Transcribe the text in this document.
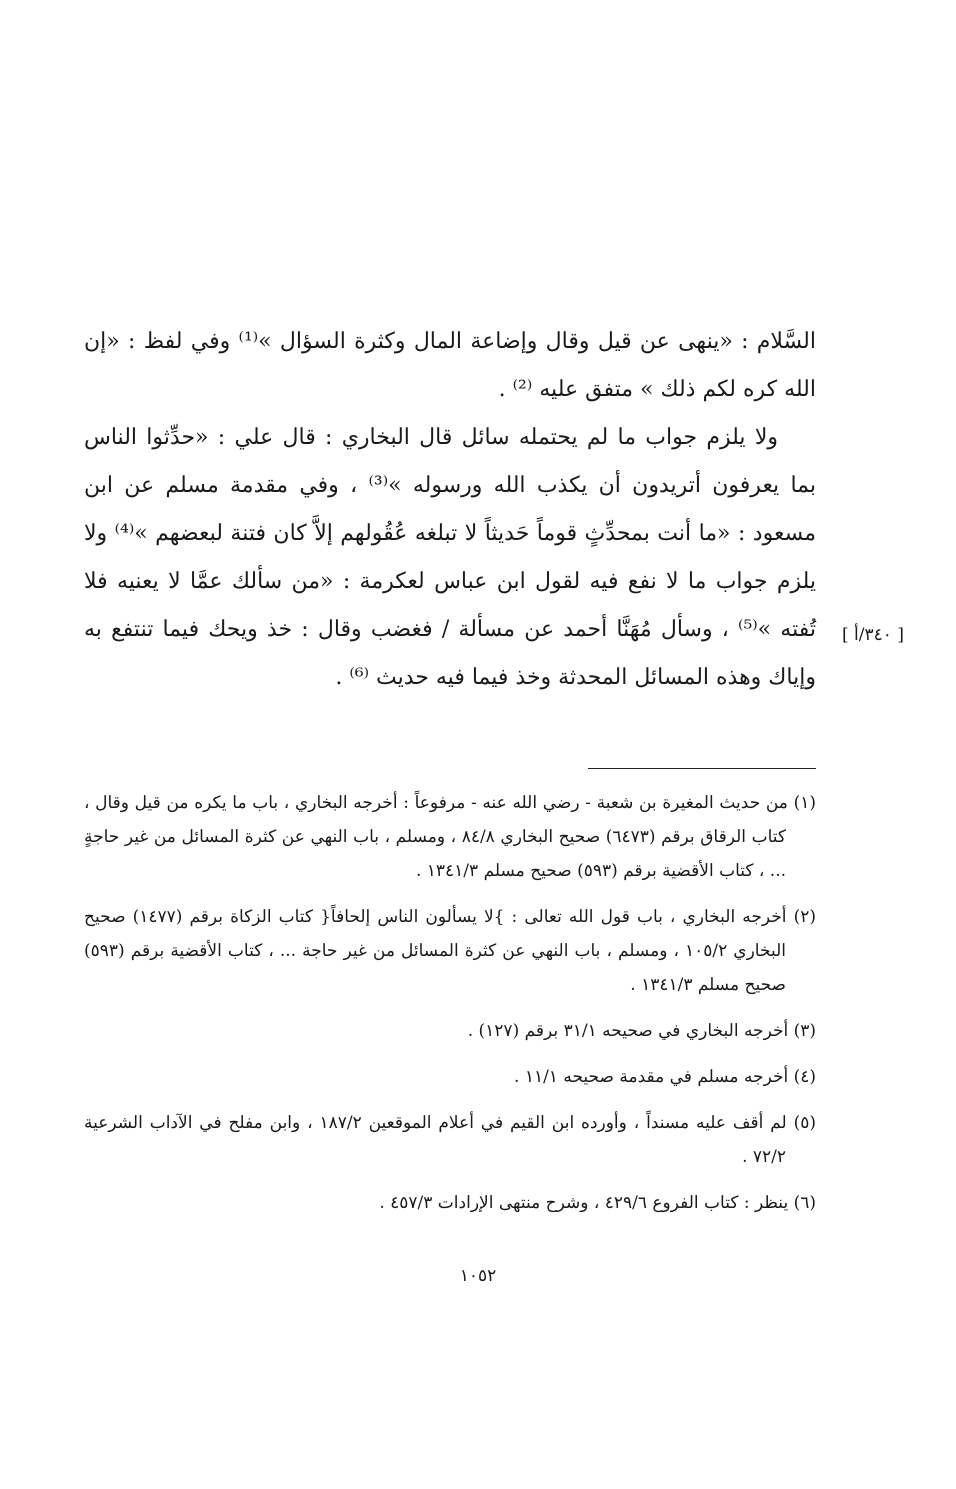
السَّلام : «ينهى عن قيل وقال وإضاعة المال وكثرة السؤال »⁽¹⁾ وفي لفظ : «إن الله كره لكم ذلك » متفق عليه ⁽²⁾ .

ولا يلزم جواب ما لم يحتمله سائل قال البخاري : قال علي : «حدِّثوا الناس بما يعرفون أتريدون أن يكذب الله ورسوله »⁽³⁾ ، وفي مقدمة مسلم عن ابن مسعود : «ما أنت بمحدِّثٍ قوماً حَديثاً لا تبلغه عُقُولهم إلاَّ كان فتنة لبعضهم »⁽⁴⁾ ولا يلزم جواب ما لا نفع فيه لقول ابن عباس لعكرمة : «من سألك عمَّا لا يعنيه فلا تُفته »⁽⁵⁾ ، وسأل مُهَنَّا أحمد عن مسألة / فغضب وقال : خذ ويحك فيما تنتفع به وإياك وهذه المسائل المحدثة وخذ فيما فيه حديث ⁽⁶⁾ .

[ ٣٤٠/أ ]

(١) من حديث المغيرة بن شعبة - رضي الله عنه - مرفوعاً : أخرجه البخاري ، باب ما يكره من قيل وقال ، كتاب الرقاق برقم (٦٤٧٣) صحيح البخاري ٨٤/٨ ، ومسلم ، باب النهي عن كثرة المسائل من غير حاجةٍ ... ، كتاب الأقضية برقم (٥٩٣) صحيح مسلم ١٣٤١/٣ .

(٢) أخرجه البخاري ، باب قول الله تعالى : }لا يسألون الناس إلحافاً{ كتاب الزكاة برقم (١٤٧٧) صحيح البخاري ١٠٥/٢ ، ومسلم ، باب النهي عن كثرة المسائل من غير حاجة ... ، كتاب الأقضية برقم (٥٩٣) صحيح مسلم ١٣٤١/٣ .

(٣) أخرجه البخاري في صحيحه ٣١/١ برقم (١٢٧) .

(٤) أخرجه مسلم في مقدمة صحيحه ١١/١ .

(٥) لم أقف عليه مسنداً ، وأورده ابن القيم في أعلام الموقعين ١٨٧/٢ ، وابن مفلح في الآداب الشرعية ٧٢/٢ .

(٦) ينظر : كتاب الفروع ٤٢٩/٦ ، وشرح منتهى الإرادات ٤٥٧/٣ .

١٠٥٢
